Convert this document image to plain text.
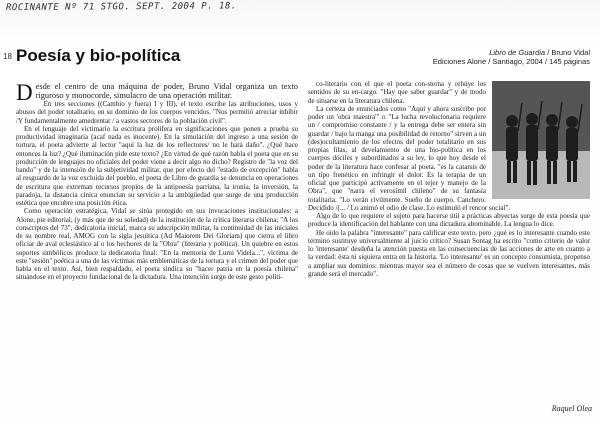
ROCINANTE Nº 71 STGO. SEPT. 2004 P. 18.
18 Poesía y bio-política	Libro de Guardia / Bruno Vidal
Ediciones Alone / Santiago, 2004 / 145 páginas

D esde el centro de una máquina de poder, Bruno Vidal organiza un texto riguroso y monocorde, simulacro de una operación militar.

En tres secciones ((Cambio y fuera) I y III), el texto escribe las atribuciones, usos y abusos del poder totalitario, en su dominio de los cuerpos vencidos. "Nos permitió arreciar inhibir /Y fundamentalmente amedrentar / a vastos sectores de la población civil".

En el lenguaje del victimario la escritura prolifera en significaciones que ponen a prueba su productividad imaginaria (acaf nada es inocente). En la simulación del ingreso a una sesión de tortura, el poeta advierte al lector "aquí la luz de los reflectores/ no le hará daño". ¿Qué hace entonces la luz? ¿Qué iluminación pide este texto? ¿En virtud de qué razón habla el poeta que en su producción de lenguajes no oficiales del poder viene a decir algo no dicho? Registro de "la voz del bando" y de la intensión de la subjetividad militar, que por efecto del "estado de excepción" habla al resguardo de la voz excluida del pueblo, el poeta de Libro de guardia se denuncia en operaciones de escritura que extreman recursos propios de la antipoesía parriana, la ironía, la inversión, la paradoja, la distancia cínica enuncian su servicio a la ambigüedad que surge de una producción estética que encubre una posición ética.

Como operación estratégica, Vidal se sitúa protegido en sus invocaciones institucionales: a Alone, pie editorial, (y más que de su soledad) de la institución de la crítica literaria chilena; "A los conscriptos del 73", dedicatoria inicial, marca su adscripción militar, la continuidad de las iniciales de su nombre real, AMOG con la sigla jesuítica (Ad Maiorem Dei Gloriam) que cierra el libro oficiar de aval eclesiástico al o los hechores de la "Obra" (literaria y política). Un quiebre en estos soportes simbólicos produce la dedicatoria final: "En la memoria de Lumi Videla...", víctima de este "sesión" poética a una de las víctimas más emblemáticas de la tortura y el crimen del poder que habla en el texto. Así, bien respaldado, el poeta sindica su "hacer patria en la poesía chilena" situándose en el proyecto fundacional de la dictadura. Una intención surge de este gesto políti-

co-literario con el que el poeta con-sterna y rehúye los sentidos de su en-cargo. "Hay que saber guardar" y de modo de situarse en la literatura chilena.

La certeza de enunciados como "Aquí y ahora suscribo por poder un 'obra maestra'" o "La lucha revolucionaria requiere un / compromiso constante / y la entrega debe ser entera sin guardar / bajo la manga una posibilidad de retorno" sirven a un (des)ocultamiento de los efectos del poder totalitario en sus propias filas, al develamiento de una bio-política en los cuerpos dóciles y subordinados a su ley, lo que hoy desde el poder de la literatura hace confesar al poeta. "es la catarsis de un tipo frenético en infringir el dolor. Es la terapia de un oficial que participó activamente en el tejer y manejo de la Obra", que "narra el verosímil chileno" de su fantasía totalitaria. "Lo verán civilmente. Sueño de cuerpo. Canchero. Decidido /(... / Lo animó el odio de clase. Lo estimuló el rencor social".

Algo de lo que requiere el sujeto para hacerse útil a prácticas abyectas surge de esta poesía que produce la identificación del hablante con una dictadura abominable. La lengua lo dice.

He oído la palabra "interesante" para calificar este texto, pero ¿qué es lo interesante cuando este término sustituye universalmente al juicio crítico? Susan Sontag ha escrito "como criterio de valor lo 'interesante' desdeña la atención puesta en las consecuencias de las acciones de arte en cuanto a la verdad: ésta ni siquiera entra en la historia. 'Lo interesante' es un concepto consumista, propenso a ampliar sus dominios: mientras mayor sea el número de cosas que se vuelven interesantes, más grande será el mercado".

Raquel Olea
